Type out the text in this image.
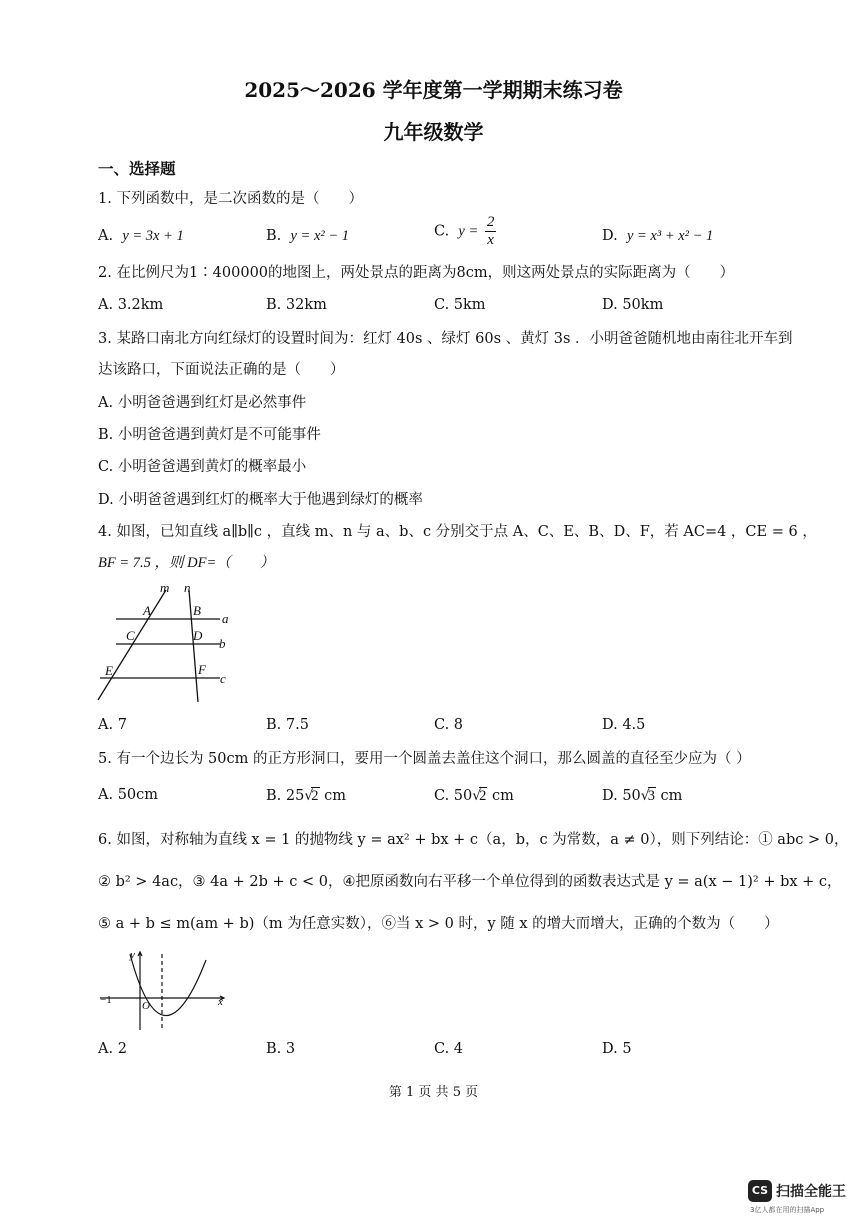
2025～2026 学年度第一学期期末练习卷
九年级数学
一、选择题
1. 下列函数中，是二次函数的是（　　）
A. y = 3x + 1	B. y = x² − 1	C. $y = \frac{2}{x}$	D. y = x³ + x² − 1
2. 在比例尺为1∶400000的地图上，两处景点的距离为8cm，则这两处景点的实际距离为（　　）
A. 3.2km	B. 32km	C. 5km	D. 50km
3. 某路口南北方向红绿灯的设置时间为：红灯 40s 、绿灯 60s 、黄灯 3s ．小明爸爸随机地由南往北开车到
达该路口，下面说法正确的是（　　）
A. 小明爸爸遇到红灯是必然事件
B. 小明爸爸遇到黄灯是不可能事件
C. 小明爸爸遇到黄灯的概率最小
D. 小明爸爸遇到红灯的概率大于他遇到绿灯的概率
4. 如图，已知直线 a∥b∥c ，直线 m、n 与 a、b、c 分别交于点 A、C、E、B、D、F，若 AC=4 ，CE = 6 ，
BF = 7.5 ，则 DF=（　　）
m n
A	B
C	D
E	F
a
b
c
A. 7	B. 7.5	C. 8	D. 4.5
5. 有一个边长为 50cm 的正方形洞口，要用一个圆盖去盖住这个洞口，那么圆盖的直径至少应为（ ）
A. 50cm	B. 25√2 cm	C. 50√2 cm	D. 50√3 cm
6. 如图，对称轴为直线 x = 1 的抛物线 y = ax² + bx + c（a，b，c 为常数，a ≠ 0），则下列结论：① abc > 0，
② b² > 4ac，③ 4a + 2b + c < 0，④把原函数向右平移一个单位得到的函数表达式是 y = a(x − 1)² + bx + c，
⑤ a + b ≤ m(am + b)（m 为任意实数），⑥当 x > 0 时，y 随 x 的增大而增大，正确的个数为（　　）
y
x
O
−1
A. 2	B. 3	C. 4	D. 5
第 1 页 共 5 页
CS 扫描全能王
3亿人都在用的扫描App
